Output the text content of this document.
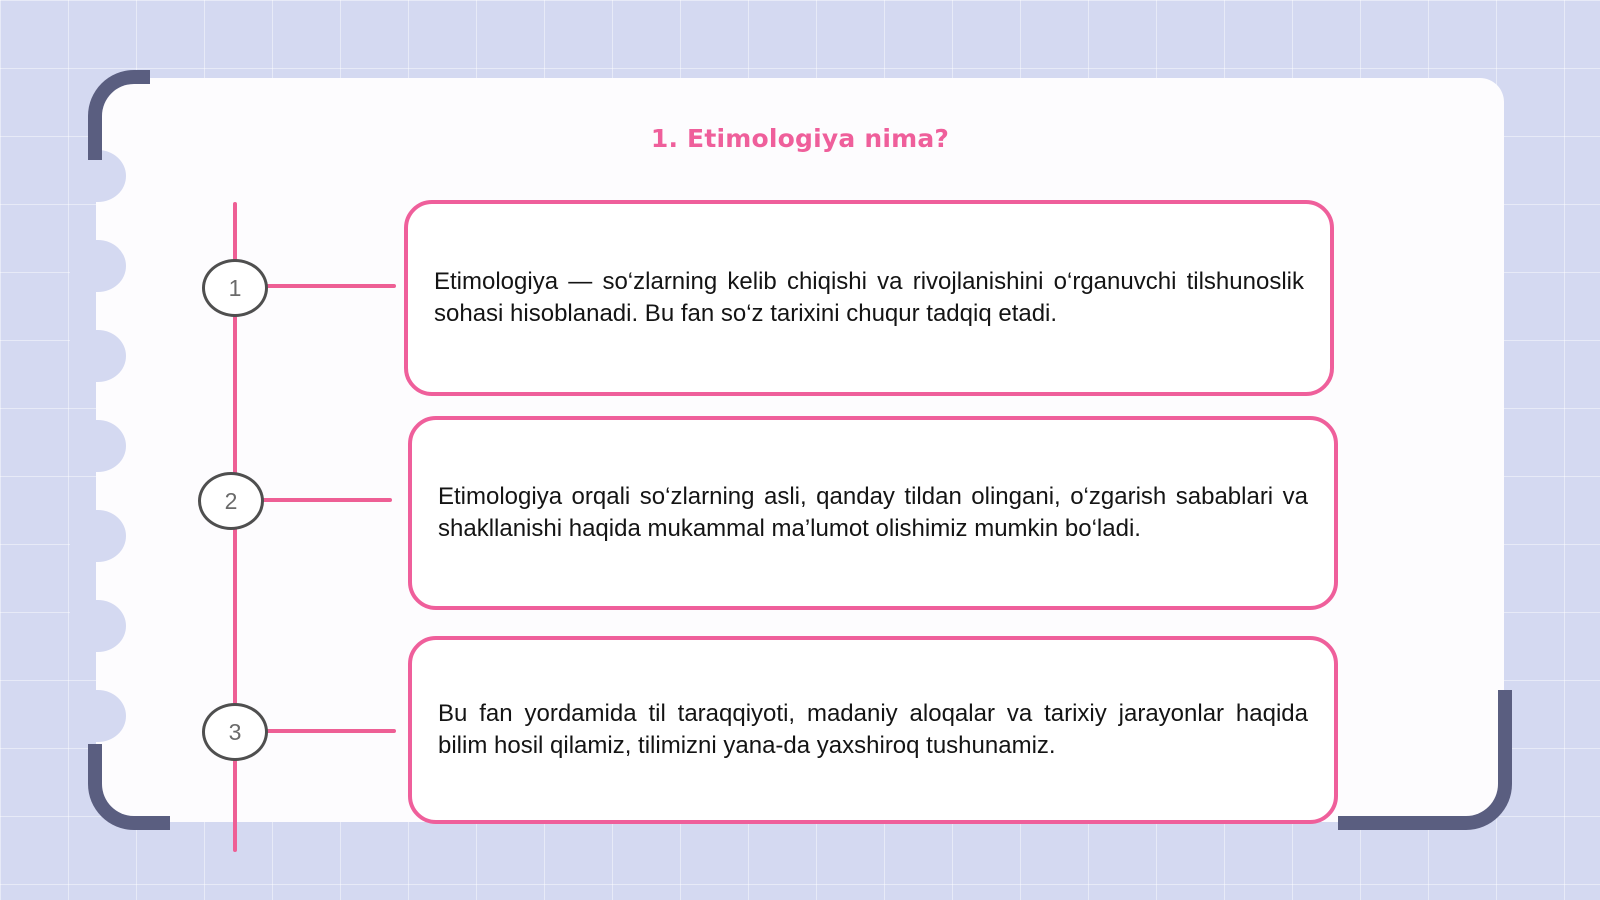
1. Etimologiya nima?
1
2
3

Etimologiya — so‘zlarning kelib chiqishi va rivojlanishini o‘rganuvchi tilshunoslik sohasi hisoblanadi. Bu fan so‘z tarixini chuqur tadqiq etadi.

Etimologiya orqali so‘zlarning asli, qanday tildan olingani, o‘zgarish sabablari va shakllanishi haqida mukammal ma’lumot olishimiz mumkin bo‘ladi.

Bu fan yordamida til taraqqiyoti, madaniy aloqalar va tarixiy jarayonlar haqida bilim hosil qilamiz, tilimizni yana-da yaxshiroq tushunamiz.
